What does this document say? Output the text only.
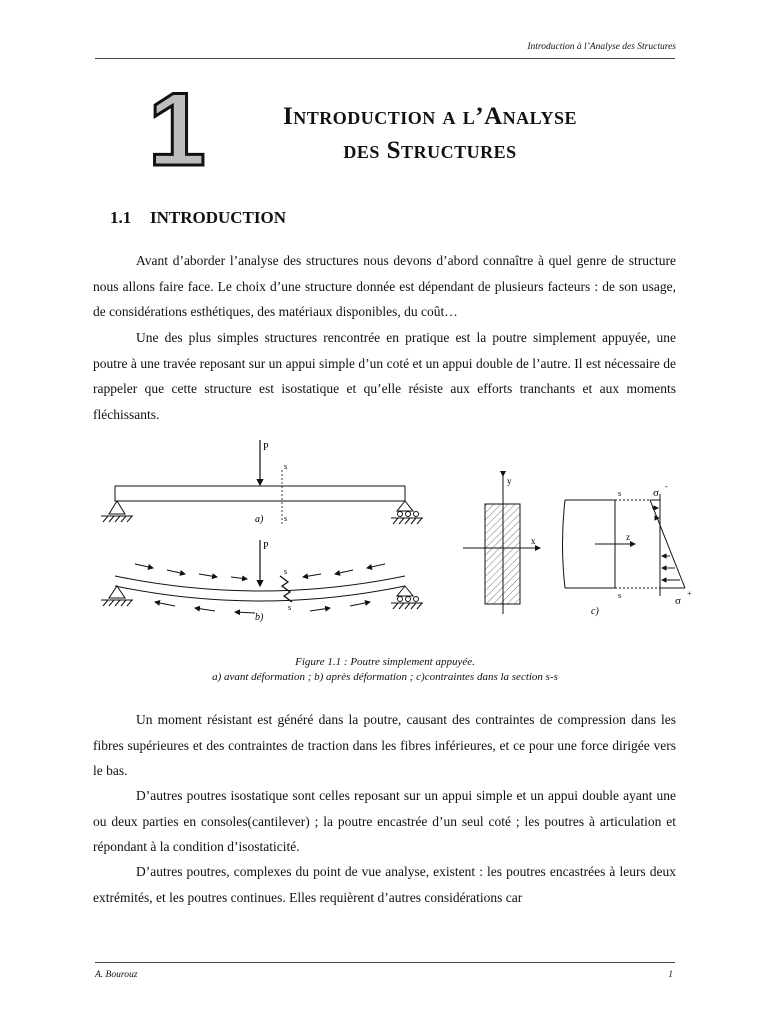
Introduction à l’Analyse des Structures
1	Introduction a l’Analyse
des Structures
1.1 INTRODUCTION
Avant d’aborder l’analyse des structures nous devons d’abord connaître à quel genre de structure nous allons faire face. Le choix d’une structure donnée est dépendant de plusieurs facteurs : de son usage, de considérations esthétiques, des matériaux disponibles, du coût…
Une des plus simples structures rencontrée en pratique est la poutre simplement appuyée, une poutre à une travée reposant sur un appui simple d’un coté et un appui double de l’autre. Il est nécessaire de rappeler que cette structure est isostatique et qu’elle résiste aux efforts tranchants et aux moments fléchissants.
P
s
s
a)
P
s
s
b)
y
x
s
s
z
σ
-
σ
+
c)
Figure 1.1 : Poutre simplement appuyée.
a) avant déformation ; b) après déformation ; c)contraintes dans la section s-s
Un moment résistant est généré dans la poutre, causant des contraintes de compression dans les fibres supérieures et des contraintes de traction dans les fibres inférieures, et ce pour une force dirigée vers le bas.
D’autres poutres isostatique sont celles reposant sur un appui simple et un appui double ayant une ou deux parties en consoles(cantilever) ; la poutre encastrée d’un seul coté ; les poutres à articulation et répondant à la condition d’isostaticité.
D’autres poutres, complexes du point de vue analyse, existent : les poutres encastrées à leurs deux extrémités, et les poutres continues. Elles requièrent d’autres considérations car
A. Bourouz	1
